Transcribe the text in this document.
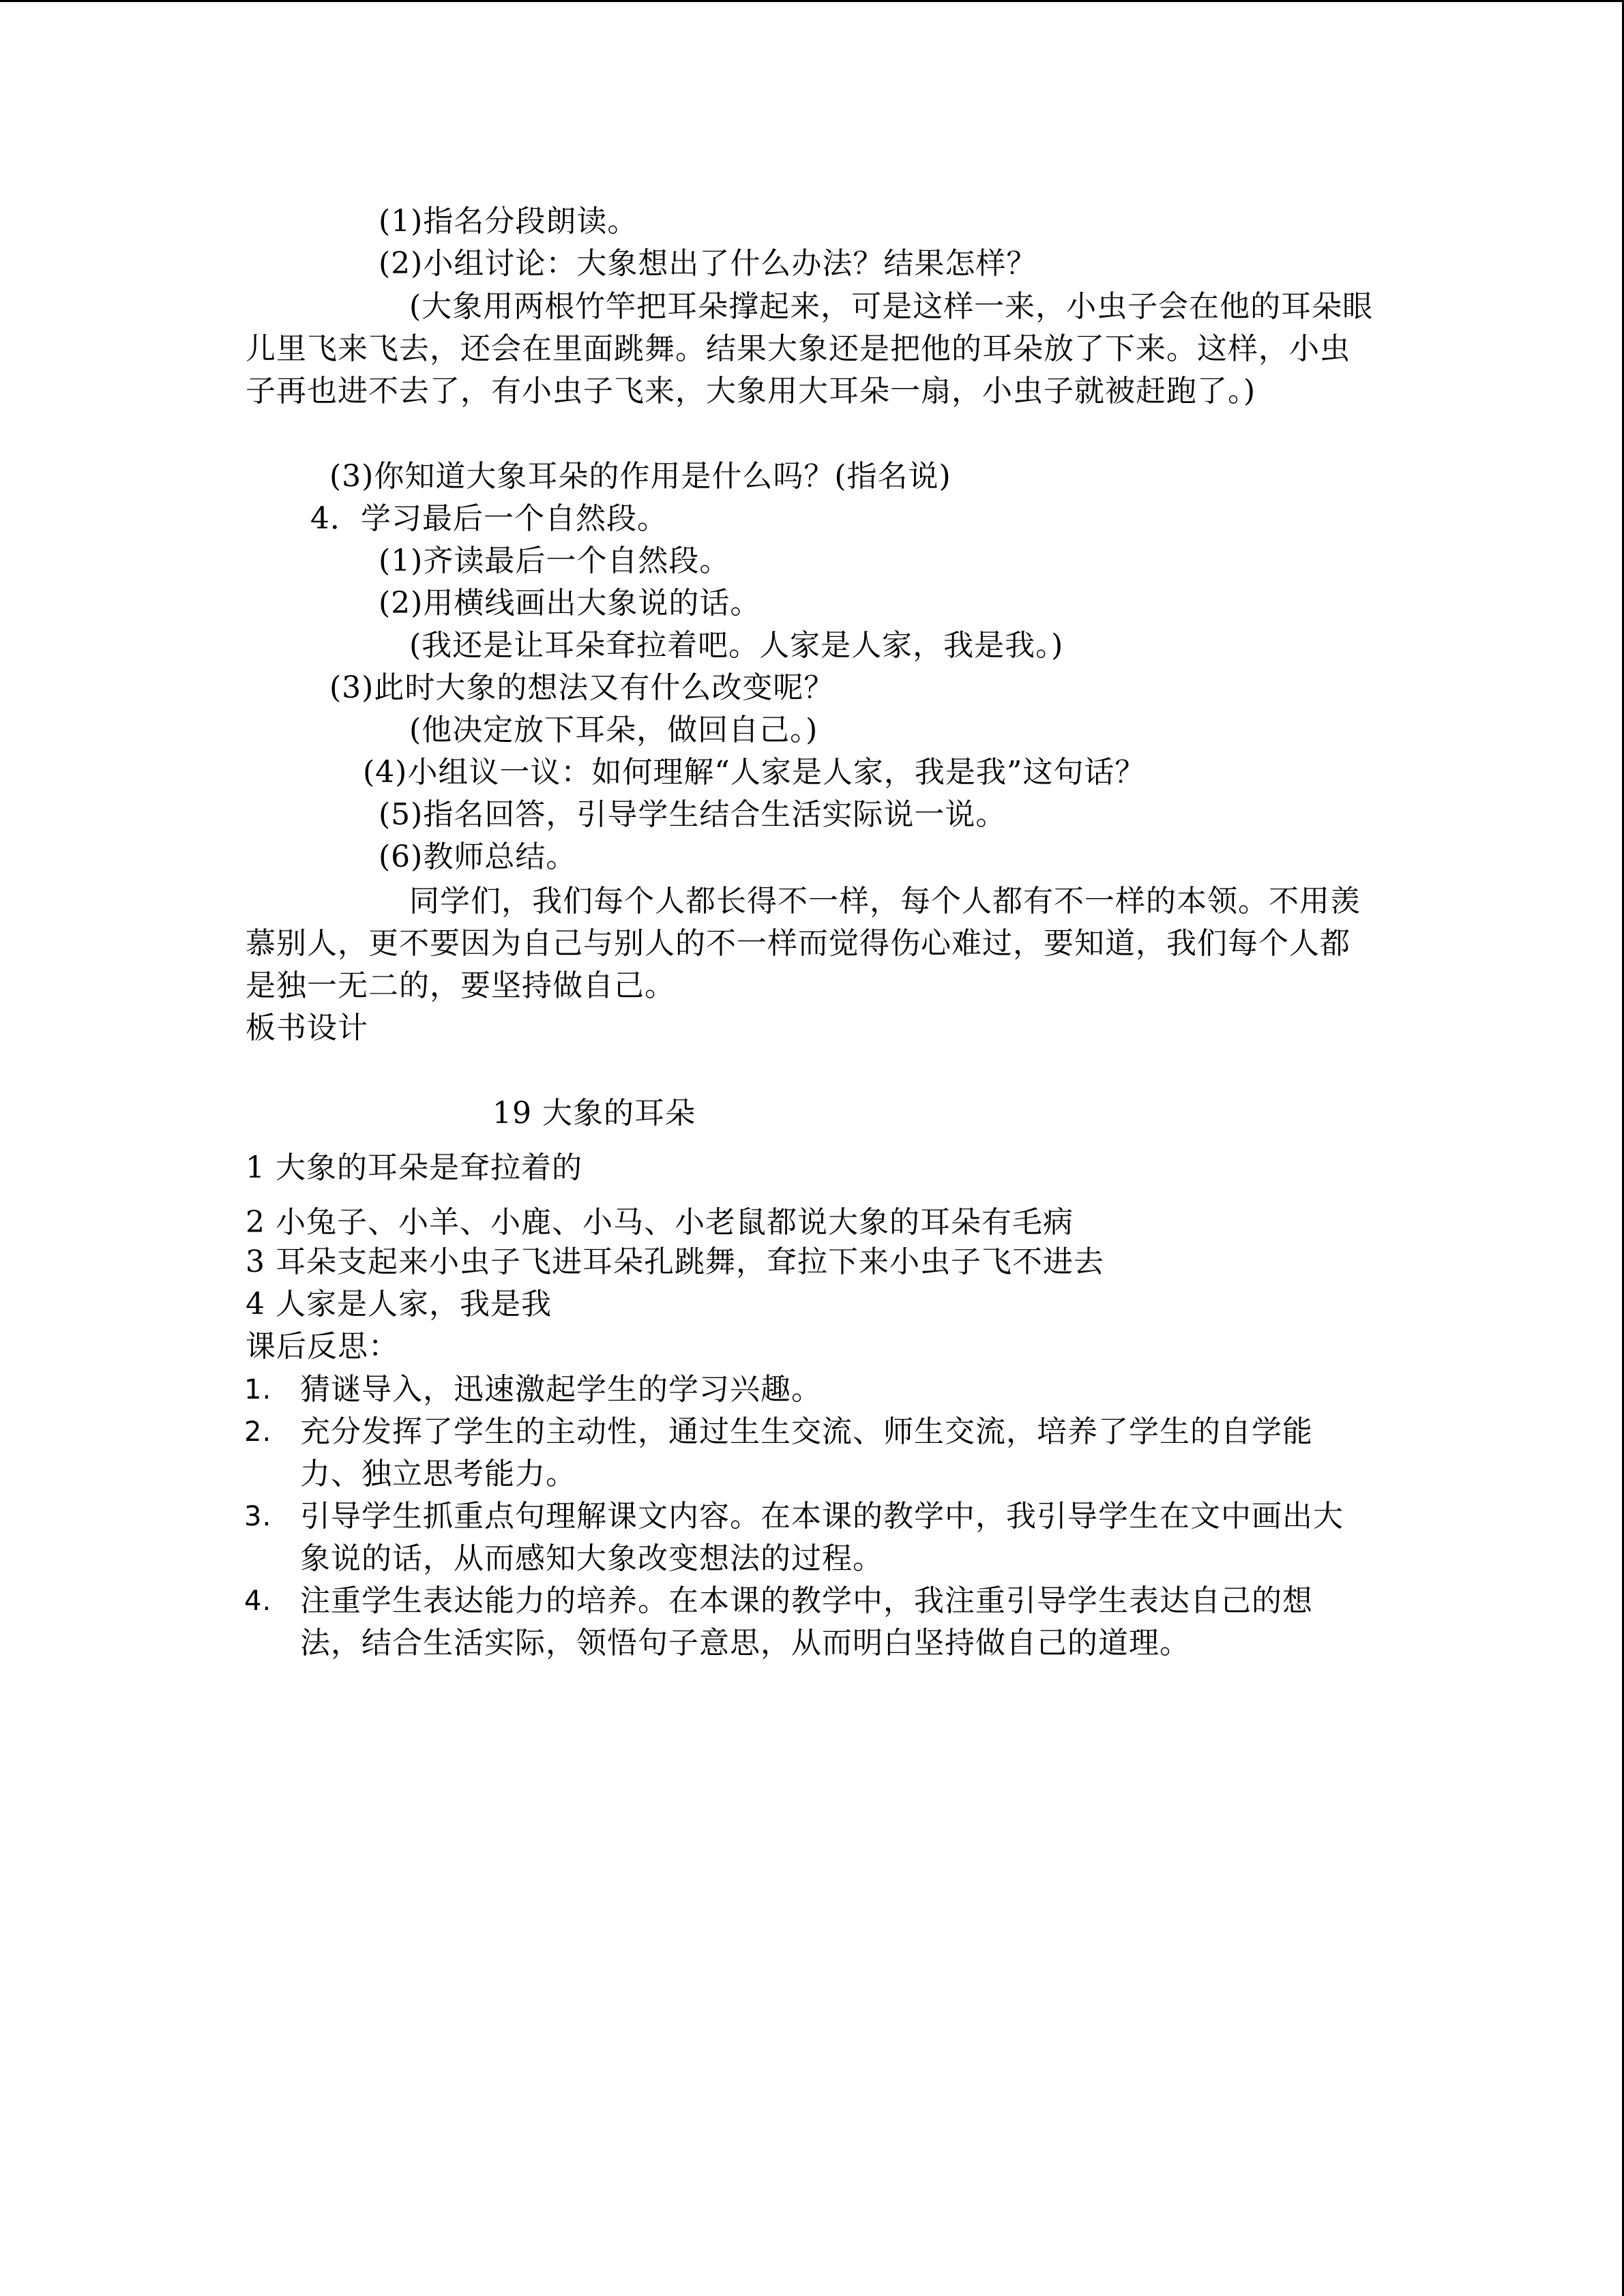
(1)指名分段朗读。

(2)小组讨论：大象想出了什么办法？结果怎样？

(大象用两根竹竿把耳朵撑起来，可是这样一来，小虫子会在他的耳朵眼儿里飞来飞去，还会在里面跳舞。结果大象还是把他的耳朵放了下来。这样，小虫子再也进不去了，有小虫子飞来，大象用大耳朵一扇，小虫子就被赶跑了。)

(3)你知道大象耳朵的作用是什么吗？(指名说)

4．学习最后一个自然段。

(1)齐读最后一个自然段。

(2)用横线画出大象说的话。

(我还是让耳朵耷拉着吧。人家是人家，我是我。)

(3)此时大象的想法又有什么改变呢？

(他决定放下耳朵，做回自己。)

(4)小组议一议：如何理解“人家是人家，我是我”这句话？

(5)指名回答，引导学生结合生活实际说一说。

(6)教师总结。

同学们，我们每个人都长得不一样，每个人都有不一样的本领。不用羡慕别人，更不要因为自己与别人的不一样而觉得伤心难过，要知道，我们每个人都是独一无二的，要坚持做自己。

板书设计

19 大象的耳朵

1 大象的耳朵是耷拉着的

2 小兔子、小羊、小鹿、小马、小老鼠都说大象的耳朵有毛病

3 耳朵支起来小虫子飞进耳朵孔跳舞，耷拉下来小虫子飞不进去

4 人家是人家，我是我

课后反思：

1. 猜谜导入，迅速激起学生的学习兴趣。
2. 充分发挥了学生的主动性，通过生生交流、师生交流，培养了学生的自学能力、独立思考能力。
3. 引导学生抓重点句理解课文内容。在本课的教学中，我引导学生在文中画出大象说的话，从而感知大象改变想法的过程。
4. 注重学生表达能力的培养。在本课的教学中，我注重引导学生表达自己的想法，结合生活实际，领悟句子意思，从而明白坚持做自己的道理。
